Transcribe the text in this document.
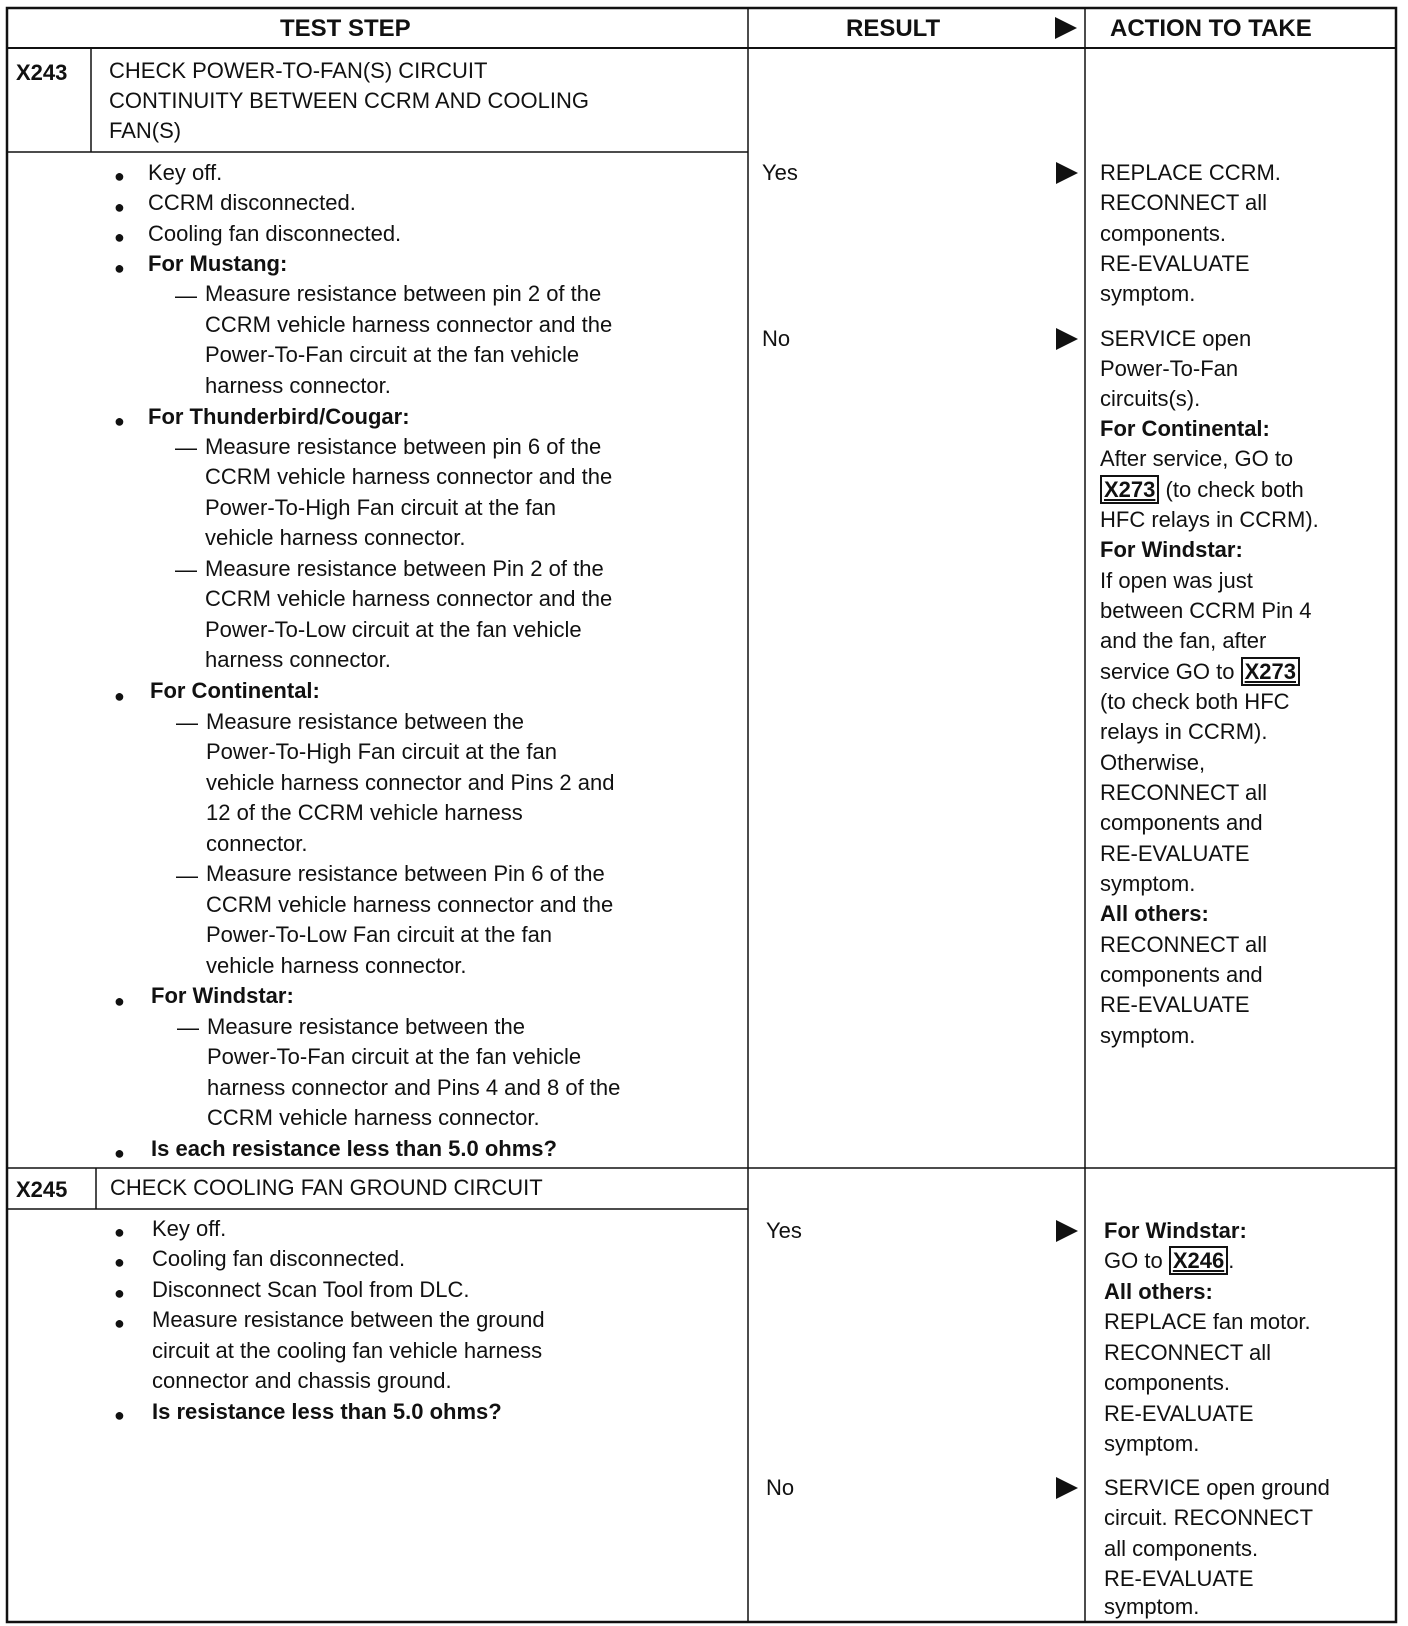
TEST STEP	RESULT	ACTION TO TAKE
X243 CHECK POWER-TO-FAN(S) CIRCUIT
CONTINUITY BETWEEN CCRM AND COOLING
FAN(S)
●
●
●
●
—
●
—
—
●
—
—
●
—
●
Key off.
CCRM disconnected.
Cooling fan disconnected.
For Mustang:
Measure resistance between pin 2 of the
CCRM vehicle harness connector and the
Power-To-Fan circuit at the fan vehicle
harness connector.
For Thunderbird/Cougar:
Measure resistance between pin 6 of the
CCRM vehicle harness connector and the
Power-To-High Fan circuit at the fan
vehicle harness connector.
Measure resistance between Pin 2 of the
CCRM vehicle harness connector and the
Power-To-Low circuit at the fan vehicle
harness connector.
For Continental:
Measure resistance between the
Power-To-High Fan circuit at the fan
vehicle harness connector and Pins 2 and
12 of the CCRM vehicle harness
connector.
Measure resistance between Pin 6 of the
CCRM vehicle harness connector and the
Power-To-Low Fan circuit at the fan
vehicle harness connector.
For Windstar:
Measure resistance between the
Power-To-Fan circuit at the fan vehicle
harness connector and Pins 4 and 8 of the
CCRM vehicle harness connector.
Is each resistance less than 5.0 ohms?
Yes
No
REPLACE CCRM.
RECONNECT all
components.
RE-EVALUATE
symptom.
SERVICE open
Power-To-Fan
circuits(s).
For Continental:
After service, GO to
X273 (to check both
HFC relays in CCRM).
For Windstar:
If open was just
between CCRM Pin 4
and the fan, after
service GO to X273
(to check both HFC
relays in CCRM).
Otherwise,
RECONNECT all
components and
RE-EVALUATE
symptom.
All others:
RECONNECT all
components and
RE-EVALUATE
symptom.
X245 CHECK COOLING FAN GROUND CIRCUIT
●
●
●
●
●
Key off.
Cooling fan disconnected.
Disconnect Scan Tool from DLC.
Measure resistance between the ground
circuit at the cooling fan vehicle harness
connector and chassis ground.
Is resistance less than 5.0 ohms?
Yes
No
For Windstar:
GO to X246 .
All others:
REPLACE fan motor.
RECONNECT all
components.
RE-EVALUATE
symptom.
SERVICE open ground
circuit. RECONNECT
all components.
RE-EVALUATE
symptom.
